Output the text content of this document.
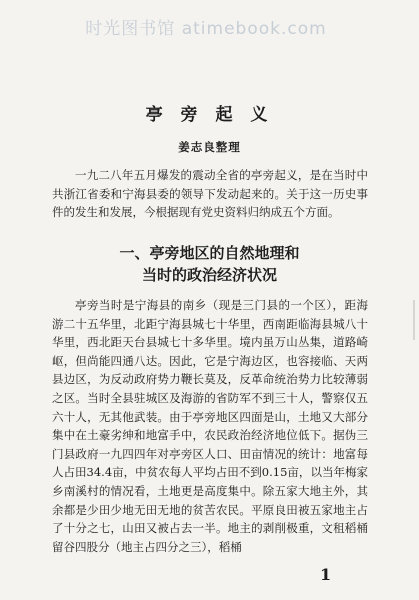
时光图书馆 atimebook.com
亭 旁 起 义
姜志良整理

一九二八年五月爆发的震动全省的亭旁起义，是在当时中共浙江省委和宁海县委的领导下发动起来的。关于这一历史事件的发生和发展，今根据现有党史资料归纳成五个方面。

一、亭旁地区的自然地理和
当时的政治经济状况

亭旁当时是宁海县的南乡（现是三门县的一个区），距海游二十五华里，北距宁海县城七十华里，西南距临海县城八十华里，西北距天台县城七十多华里。境内虽万山丛集，道路崎岖，但尚能四通八达。因此，它是宁海边区，也容接临、天两县边区，为反动政府势力鞭长莫及，反革命统治势力比较薄弱之区。当时全县驻城区及海游的省防军不到三十人，警察仅五六十人，无其他武装。由于亭旁地区四面是山，土地又大部分集中在土豪劣绅和地富手中，农民政治经济地位低下。据伪三门县政府一九四四年对亭旁区人口、田亩情况的统计：地富每人占田34.4亩，中贫农每人平均占田不到0.15亩，以当年梅家乡南溪村的情况看，土地更是高度集中。除五家大地主外，其余都是少田少地无田无地的贫苦农民。平原良田被五家地主占了十分之七，山田又被占去一半。地主的剥削极重，文租稻桶留谷四股分（地主占四分之三），稻桶

1
